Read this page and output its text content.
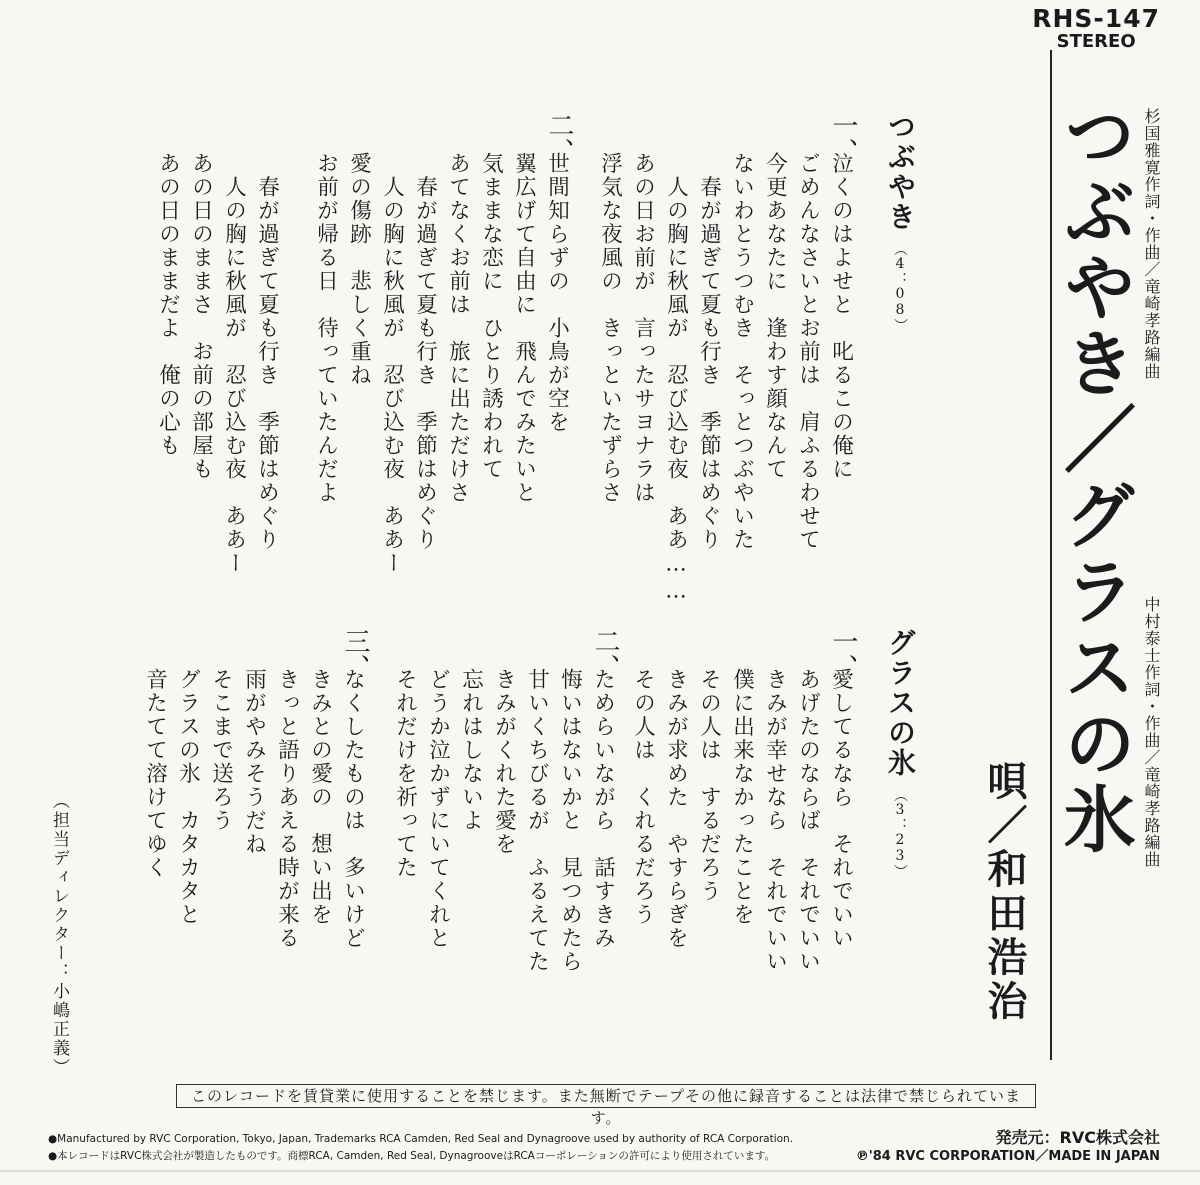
RHS-147
STEREO
つぶやき／グラスの氷 杉国雅寛作詞・作曲／竜崎孝路編曲
中村泰士作詞・作曲／竜崎孝路編曲
唄／和田浩治
つぶやき
（4：08）
一、
泣くのはよせと　叱るこの俺に
ごめんなさいとお前は　肩ふるわせて
今更あなたに　逢わす顔なんて
ないわとうつむき　そっとつぶやいた
　春が過ぎて夏も行き　季節はめぐり
　人の胸に秋風が　忍び込む夜　ああ……
あの日お前が　言ったサヨナラは
浮気な夜風の　きっといたずらさ
二、
世間知らずの　小鳥が空を
翼広げて自由に　飛んでみたいと
気ままな恋に　ひとり誘われて
あてなくお前は　旅に出ただけさ
　春が過ぎて夏も行き　季節はめぐり
　人の胸に秋風が　忍び込む夜　ああー
愛の傷跡　悲しく重ね
お前が帰る日　待っていたんだよ
　春が過ぎて夏も行き　季節はめぐり
　人の胸に秋風が　忍び込む夜　ああー
あの日のままさ　お前の部屋も
あの日のままだよ　俺の心も
グラスの氷
（3：23）
一、
愛してるなら　それでいい
あげたのならば　それでいい
きみが幸せなら　それでいい
僕に出来なかったことを
その人は　するだろう
きみが求めた　やすらぎを
その人は　くれるだろう
二、
ためらいながら　話すきみ
悔いはないかと　見つめたら
甘いくちびるが　ふるえてた
きみがくれた愛を
忘れはしないよ
どうか泣かずにいてくれと
それだけを祈ってた
三、
なくしたものは　多いけど
きみとの愛の　想い出を
きっと語りあえる時が来る
雨がやみそうだね
そこまで送ろう
グラスの氷　カタカタと
音たてて溶けてゆく
（担当ディレクター：小嶋正義）
このレコードを賃貸業に使用することを禁じます。また無断でテープその他に録音することは法律で禁じられています。
●Manufactured by RVC Corporation, Tokyo, Japan, Trademarks RCA Camden, Red Seal and Dynagroove used by authority of RCA Corporation.
●本レコードはRVC株式会社が製造したものです。商標RCA, Camden, Red Seal, DynagrooveはRCAコーポレーションの許可により使用されています。
発売元：RVC株式会社
℗'84 RVC CORPORATION／MADE IN JAPAN
